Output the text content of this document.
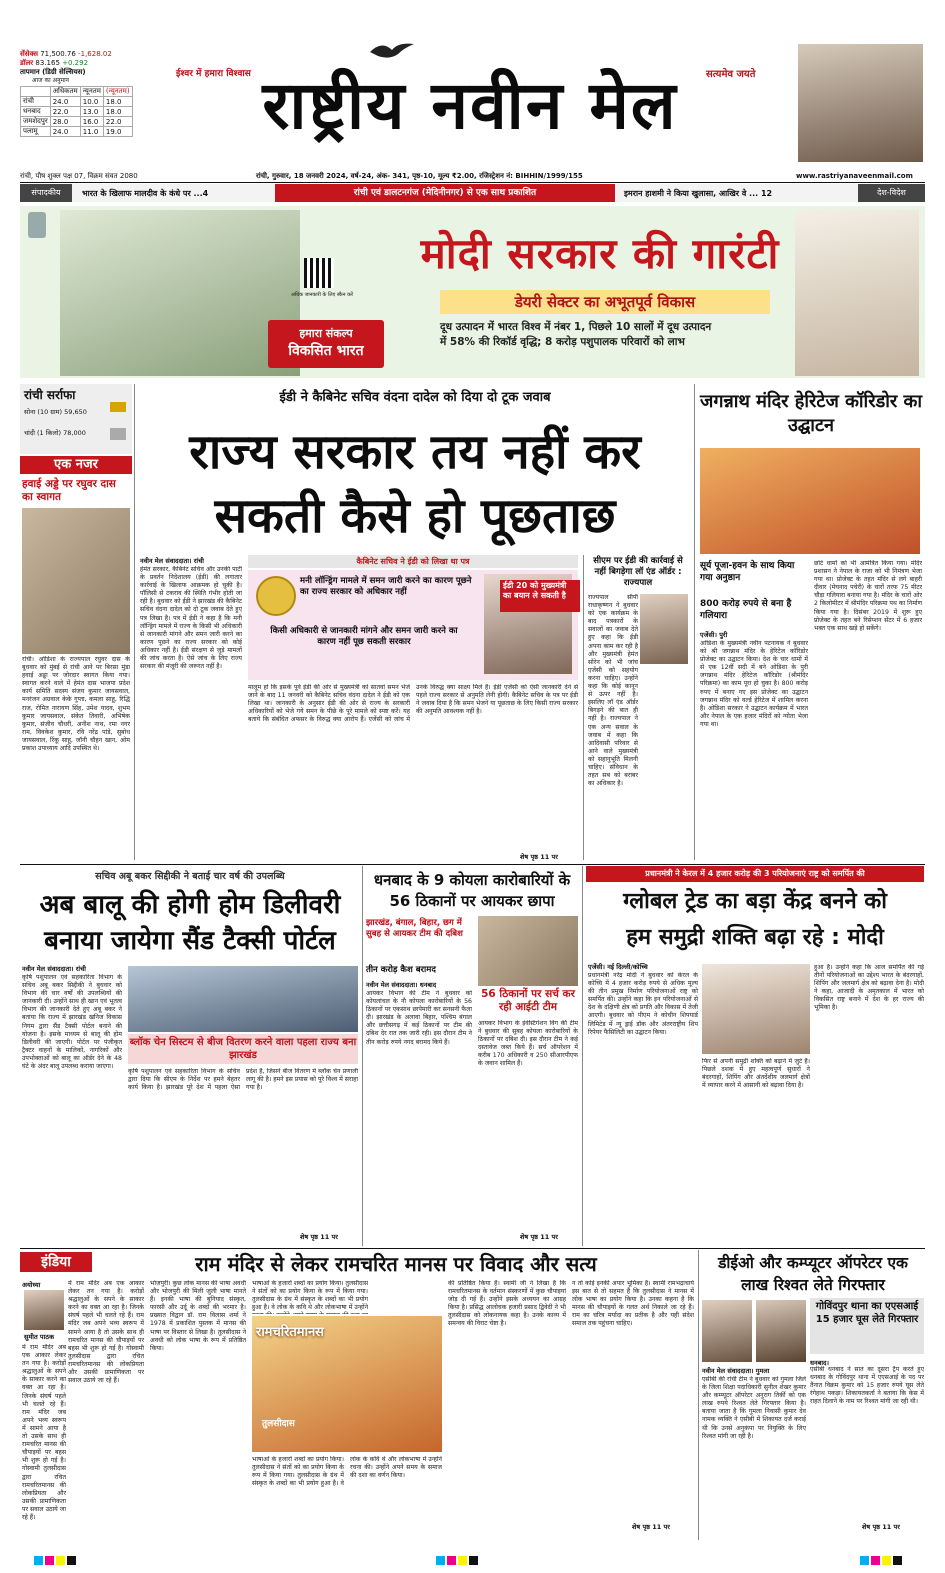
सेंसेक्स 71,500.76 -1,628.02
डॉलर 83.165 +0.292
तापमान (डिग्री सेल्सियस)
आज का अनुमान
	अधिकतम	न्यूनतम	(न्यूनतम)
रांची	24.0	10.0	18.0
धनबाद	22.0	13.0	18.0
जमशेदपुर	28.0	16.0	22.0
पलामू	24.0	11.0	19.0
ईश्वर में हमारा विश्वास	सत्यमेव जयते
राष्ट्रीय नवीन मेल
रांची, पौष शुक्ल पक्ष 07, विक्रम संवत 2080	रांची, गुरुवार, 18 जनवरी 2024, वर्ष-24, अंक- 341, पृष्ठ-10, मूल्य ₹2.00, रजिस्ट्रेशन नं: BIHHIN/1999/155	www.rastriyanaveenmail.com
संपादकीय	भारत के खिलाफ मालदीव के कंधे पर ...4	रांची एवं डालटनगंज (मेदिनीनगर) से एक साथ प्रकाशित	इमरान हाशमी ने किया खुलासा, आखिर वे ... 12	देश-विदेश
अधिक जानकारी के लिए स्कैन करें
हमारा संकल्प
विकसित भारत
मोदी सरकार की गारंटी
डेयरी सेक्टर का अभूतपूर्व विकास
दूध उत्पादन में भारत विश्व में नंबर 1, पिछले 10 सालों में दूध उत्पादन
में 58% की रिकॉर्ड वृद्धि; 8 करोड़ पशुपालक परिवारों को लाभ
रांची सर्राफा
सोना (10 ग्राम) 59,650
चांदी (1 किलो) 78,000
एक नजर
हवाई अड्डे पर रघुवर दास का स्वागत
रांची। ओडिशा के राज्यपाल रघुवर दास के बुधवार को मुंबई से रांची आने पर बिरसा मुंडा हवाई अड्डा पर जोरदार स्वागत किया गया। स्वागत करने वाले में हेमंत दास भाजपा प्रदेश कार्य समिति सदस्य संजय कुमार जायसवाल, मनरंजन अग्रवाल केके गुप्ता, कमला साहू, रिद्धि राज, रोमित नारायण सिंह, उमेश यादव, शुभम कुमार जायसवाल, संकेत तिवारी, अभिषेक कुमार, संजीव चौधरी, अनीश नाथ, रमा नगर राम, विवकेश कुमार, रवि नरेंद्र पांडे, सुबोध जायसवाल, रिंकू साहू, जॉनी चौहन खान, ओम प्रकाश उपाध्याय आदि उपस्थित थे।
ईडी ने कैबिनेट सचिव वंदना दादेल को दिया दो टूक जवाब
राज्य सरकार तय नहीं कर
सकती कैसे हो पूछताछ
नवीन मेल संवाददाता। रांची
हेमंत सरकार, कैबिनेट सचिव और उनकी पार्टी के प्रवर्तन निदेशालय (ईडी) की लगातार कार्रवाई के खिलाफ आक्रमक हो चुकी है। पॉलिसी से टकराव की स्थिति गंभीर होती जा रही है। बुधवार को ईडी ने झारखंड की कैबिनेट सचिव वंदना दादेल को दो टूक जवाब देते हुए पत्र लिखा है। पत्र में ईडी ने कहा है कि मनी लॉन्ड्रिंग मामले में राज्य के किसी भी अधिकारी से जानकारी मांगने और समन जारी करने का कारण पूछने का राज्य सरकार को कोई अधिकार नहीं है। ईडी संरक्षण से जुड़े मामलों की जांच करता है। ऐसे जांच के लिए राज्य सरकार की मंजूरी की जरूरत नहीं है।
कैबिनेट सचिव ने ईडी को लिखा था पत्र
मनी लॉन्ड्रिंग मामले में समन जारी करने का कारण पूछने का राज्य सरकार को अधिकार नहीं
किसी अधिकारी से जानकारी मांगने और समन जारी करने का कारण नहीं पूछ सकती सरकार
ईडी 20 को मुख्यमंत्री का बयान ले सकती है
मालूम हो कि इसके पूर्व ईडी की ओर से मुख्यमंत्री को सातवां समन भेजे जाने के बाद 11 जनवरी को कैबिनेट सचिव वंदना दादेल ने ईडी को एक लिखा था। जानकारी के अनुसार ईडी की ओर से राज्य के सरकारी अधिकारियों को भेजे गये समन के पीछे के पूरे मामले को स्पष्ट करें। यह बताये कि संबंधित अफसर के विरुद्ध क्या आरोप हैं। एजेंसी को जांच में उनके विरुद्ध क्या साक्ष्य मिले हैं। ईडी एजेंसी को ऐसी जानकारी देने से पहले राज्य सरकार से अनुमति लेनी होगी। कैबिनेट सचिव के पत्र पर ईडी ने जवाब दिया है कि समन भेजने या पूछताछ के लिए किसी राज्य सरकार की अनुमति आवश्यक नहीं है।
शेष पृष्ठ 11 पर
सीएम पर ईडी की कार्रवाई से नहीं बिगड़ेगा लॉ एंड ऑर्डर : राज्यपाल
राज्यपाल सीपी राधाकृष्णन ने बुधवार को एक कार्यक्रम के बाद पत्रकारों के सवालों का जवाब देते हुए कहा कि ईडी अपना काम कर रही है और मुख्यमंत्री हेमंत सोरेन को भी जांच एजेंसी को सहयोग करना चाहिए। उन्होंने कहा कि कोई कानून से ऊपर नहीं है। इसलिए लॉ एंड ऑर्डर बिगड़ने की बात ही नहीं है। राज्यपाल ने एक अन्य सवाल के जवाब में कहा कि आदिवासी परिवार से आने वाले मुख्यमंत्री को सहानुभूति मिलनी चाहिए। संविधान के तहत सब को बराबर का अधिकार है।
जगन्नाथ मंदिर हेरिटेज कॉरिडोर का उद्घाटन
सूर्य पूजा-हवन के साथ किया गया अनुष्ठान
800 करोड़ रुपये से बना है गलियारा
एजेंसी। पुरी
ओडिशा के मुख्यमंत्री नवीन पटनायक ने बुधवार को श्री जगन्नाथ मंदिर के हेरिटेज कॉरिडोर प्रोजेक्ट का उद्घाटन किया। देश के चार धामों में से एक 12वीं सदी में बने ओडिशा के पुरी जगन्नाथ मंदिर हेरिटेज कॉरिडोर (श्रीमंदिर परिक्रमा) का काम पूरा हो चुका है। 800 करोड़ रुपए में बनाए गए इस प्रोजेक्ट का उद्घाटन जगन्नाथ मंदिर को वर्ल्ड हेरिटेज में शामिल करना है। ओडिशा सरकार ने उद्घाटन कार्यक्रम में भारत और नेपाल के एक हजार मंदिरों को न्योता भेजा गया था।
छोटे धामों को भी आमंत्रित किया गया। मंदिर प्रशासन ने नेपाल के राजा को भी निमंत्रण भेजा गया था। प्रोजेक्ट के तहत मंदिर से लगे बाहरी दीवार (मेघनाद पचेरी) के चारों तरफ 75 मीटर चौड़ा गलियारा बनाया गया है। मंदिर के चारों ओर 2 किलोमीटर में श्रीमंदिर परिक्रमा पथ का निर्माण किया गया है। दिसंबर 2019 में शुरू हुए प्रोजेक्ट के तहत बने रिसेप्शन सेंटर में 6 हजार भक्त एक साथ खड़े हो सकेंगे।
सचिव अबू बकर सिद्दीकी ने बताई चार वर्ष की उपलब्धि
अब बालू की होगी होम डिलीवरी
बनाया जायेगा सैंड टैक्सी पोर्टल
नवीन मेल संवाददाता। रांची
कृषि पशुपालन एवं सहकारिता विभाग के सचिव अबू बकर सिद्दीकी ने बुधवार को विभाग की चार वर्षों की उपलब्धियों की जानकारी दी। उन्होंने साथ ही खान एवं भूतत्व विभाग की जानकारी देते हुए अबू बकर ने बताया कि राज्य में झारखंड खनिज विकास निगम द्वारा सैंड टैक्सी पोर्टल बनाने की योजना है। इसके माध्यम से बालू की होम डिलीवरी की जाएगी। पोर्टल पर पंजीकृत ट्रैक्टर वाहनों के मालिकों, नागरिकों और उपभोक्ताओं को बालू का ऑर्डर देने के 48 घंटे के अंदर बालू उपलब्ध कराया जाएगा।
ब्लॉक चेन सिस्टम से बीज वितरण करने वाला पहला राज्य बना झारखंड
कृषि पशुपालन एवं सहकारिता विभाग के सचिव द्वारा दिया कि सीएम के निर्देश पर हमने बेहतर कार्य किया है। झारखंड पूरे देश में पहला ऐसा प्रदेश है, जिसने बीज वितरण में ब्लॉक चेन प्रणाली लागू की है। हमने इस प्रयास को पूरे विश्व में सराहा गया है।
शेष पृष्ठ 11 पर
धनबाद के 9 कोयला कारोबारियों के 56 ठिकानों पर आयकर छापा
झारखंड, बंगाल, बिहार, छग में सुबह से आयकर टीम की दबिश
तीन करोड़ कैश बरामद
नवीन मेल संवाददाता। धनबाद
आयकर विभाग की टीम ने बुधवार को कोयलांचल के नौ कोयला कारोबारियों के 56 ठिकानों पर एकसाथ छापेमारी कर सनसनी फैला दी। झारखंड के अलावा बिहार, पश्चिम बंगाल और छत्तीसगढ़ में कई ठिकानों पर टीम की दबिश देर रात तक जारी रही। इस दौरान टीम ने तीन करोड़ रुपये नगद बरामद किये हैं।
56 ठिकानों पर सर्च कर रही आईटी टीम
आयकर विभाग के इंवेस्टिगेशन विंग की टीम ने बुधवार की सुबह कोयला कारोबारियों के ठिकानों पर दबिश दी। इस दौरान टीम ने कई दस्तावेज जब्त किये हैं। सर्च ऑपरेशन में करीब 170 अधिकारी व 250 सीआरपीएफ के जवान शामिल हैं।
शेष पृष्ठ 11 पर
प्रधानमंत्री ने केरल में 4 हजार करोड़ की 3 परियोजनाएं राष्ट्र को समर्पित की
ग्लोबल ट्रेड का बड़ा केंद्र बनने को
हम समुद्री शक्ति बढ़ा रहे : मोदी
एजेंसी। नई दिल्ली/कोच्चि
प्रधानमंत्री नरेंद्र मोदी ने बुधवार को केरल के कोच्चि में 4 हजार करोड़ रुपये से अधिक मूल्य की तीन प्रमुख निर्माण परियोजनाओं राष्ट्र को समर्पित की। उन्होंने कहा कि इन परियोजनाओं से देश के दक्षिणी क्षेत्र को प्रगति और विकास में तेजी आएगी। बुधवार को पीएम ने कोचीन शिपयार्ड लिमिटेड में न्यू ड्राई डॉक और अंतरराष्ट्रीय शिप रिपेयर फैसिलिटी का उद्घाटन किया।
फिर से अपनी समुद्री शक्ति को बढ़ाने में जुटे हैं। पिछले दशक में हुए महत्वपूर्ण सुधारों ने बंदरगाहों, शिपिंग और अंतर्देशीय जलमार्ग क्षेत्रों में व्यापार करने में आसानी को बढ़ावा दिया है।
हुआ है। उन्होंने कहा कि आज समर्पित की गई तीनों परियोजनाओं का उद्देश्य भारत के बंदरगाहों, शिपिंग और जलमार्ग क्षेत्र को बढ़ावा देना है। मोदी ने कहा, आजादी के अमृतकाल में भारत को विकसित राष्ट्र बनाने में देश के हर राज्य की भूमिका है।
इंडिया	राम मंदिर से लेकर रामचरित मानस पर विवाद और सत्य
अयोध्या
सुमीत पाठक
में राम मंदिर अब एक आकार लेकर तन गया है। करोड़ों श्रद्धालुओं के सपने के साकार करने का वक्त आ रहा है। जिनके संघर्ष पहले भी चलते रहे हैं। राम मंदिर जब अपने भव्य स्वरूप में सामने आया है तो उसके साथ ही रामचरित मानस की चौपाइयों पर बहस भी शुरू हो गई है। गोस्वामी तुलसीदास द्वारा रचित रामचरितमानस की लोकप्रियता और उसकी प्रामाणिकता पर सवाल उठाये जा रहे हैं।
में राम मंदिर अब एक आकार लेकर तन गया है। करोड़ों श्रद्धालुओं के सपने के साकार करने का वक्त आ रहा है। जिनके संघर्ष पहले भी चलते रहे हैं। राम मंदिर जब अपने भव्य स्वरूप में सामने आया है तो उसके साथ ही रामचरित मानस की चौपाइयों पर बहस भी शुरू हो गई है। गोस्वामी तुलसीदास द्वारा रचित रामचरितमानस की लोकप्रियता और उसकी प्रामाणिकता पर सवाल उठाये जा रहे हैं।
भोजपुरी। कुछ लोक मानस की भाषा अवधी और भोजपुरी की मिली जुली भाषा मानते हैं। इनकी भाषा की बुनियाद संस्कृत, फारसी और उर्दू के शब्दों की भरमार है। प्रख्यात विद्वान डॉ. राम विलास शर्मा ने 1978 में प्रकाशित पुस्तक में मानस की भाषा पर विस्तार से लिखा है। तुलसीदास ने अवधी को लोक भाषा के रूप में प्रतिष्ठित किया।
भाषाओं के हजारों शब्दों का प्रयोग किया। तुलसीदास ने संतों को का प्रयोग किया के रूप में किया गया। तुलसीदास के ग्रंथ में संस्कृत के शब्दों का भी प्रयोग हुआ है। वे लोक के कवि थे और लोकभाषा में उन्होंने
रामचरितमानस
तुलसीदास
भाषाओं के हजारों शब्दों का प्रयोग किया। तुलसीदास ने संतों को का प्रयोग किया के रूप में किया गया। तुलसीदास के ग्रंथ में संस्कृत के शब्दों का भी प्रयोग हुआ है। वे लोक के कवि थे और लोकभाषा में उन्होंने रचना की। उन्होंने अपने समय के समाज की दशा का वर्णन किया।
की प्रतिष्ठित किया है। स्वामी जी ने लिखा है कि रामचरितमानस के वर्तमान संस्करणों में कुछ चौपाइयां जोड़ दी गई हैं। उन्होंने इसके अध्ययन का आग्रह किया है। प्रसिद्ध आलोचक हजारी प्रसाद द्विवेदी ने भी तुलसीदास को लोकनायक कहा है। उनके काव्य में समन्वय की विराट चेष्टा है।
न तो कोई इनकी अपार भूमिका है। स्वामी रामभद्राचार्य इस बात से तो सहमत हैं कि तुलसीदास ने मानस में लोक भाषा का प्रयोग किया है। उनका कहना है कि मानस की चौपाइयों के गलत अर्थ निकाले जा रहे हैं। राम का चरित्र मर्यादा का प्रतीक है और यही संदेश समाज तक पहुंचना चाहिए।
शेष पृष्ठ 11 पर
डीईओ और कम्प्यूटर ऑपरेटर एक लाख रिश्वत लेते गिरफ्तार
गोविंदपुर थाना का एएसआई 15 हजार घूस लेते गिरफ्तार
नवीन मेल संवाददाता। गुमला
एसीबी की रांची टीम ने बुधवार को गुमला जिले के जिला शिक्षा पदाधिकारी सुनील शेखर कुमार और कम्प्यूटर ऑपरेटर अनुराग तिर्की को एक लाख रुपये रिश्वत लेते गिरफ्तार किया है। बताया जाता है कि गुमला निवासी कुमार देव नामक व्यक्ति ने एसीबी में शिकायत दर्ज कराई थी कि उनसे अनुकंपा पर नियुक्ति के लिए रिश्वत मांगी जा रही है।
धनबाद।
एसीबी धनबाद ने सात का दूसरा ट्रैप करते हुए धनबाद के गोविंदपुर थाना में एएसआई के पद पर तैनात विक्रम कुमार को 15 हजार रुपये घूस लेते रंगेहाथ पकड़ा। शिकायतकर्ता ने बताया कि केस में राहत दिलाने के नाम पर रिश्वत मांगी जा रही थी।
शेष पृष्ठ 11 पर
